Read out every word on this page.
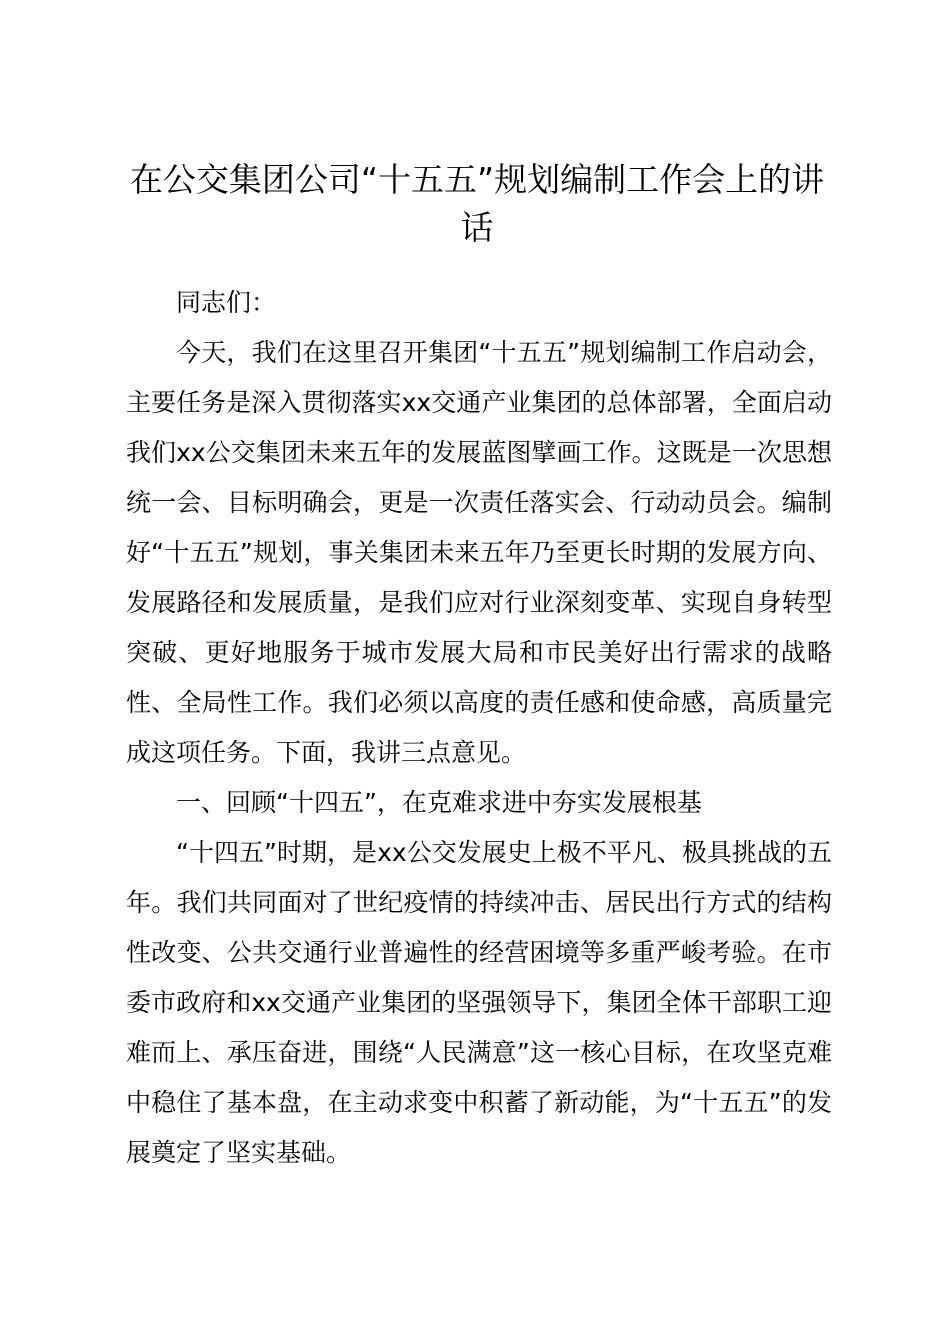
在公交集团公司“十五五”规划编制工作会上的讲话
同志们：
今天，我们在这里召开集团“十五五”规划编制工作启动会，主要任务是深入贯彻落实xx交通产业集团的总体部署，全面启动我们xx公交集团未来五年的发展蓝图擘画工作。这既是一次思想统一会、目标明确会，更是一次责任落实会、行动动员会。编制好“十五五”规划，事关集团未来五年乃至更长时期的发展方向、发展路径和发展质量，是我们应对行业深刻变革、实现自身转型突破、更好地服务于城市发展大局和市民美好出行需求的战略性、全局性工作。我们必须以高度的责任感和使命感，高质量完成这项任务。下面，我讲三点意见。
一、回顾“十四五”，在克难求进中夯实发展根基
“十四五”时期，是xx公交发展史上极不平凡、极具挑战的五年。我们共同面对了世纪疫情的持续冲击、居民出行方式的结构性改变、公共交通行业普遍性的经营困境等多重严峻考验。在市委市政府和xx交通产业集团的坚强领导下，集团全体干部职工迎难而上、承压奋进，围绕“人民满意”这一核心目标，在攻坚克难中稳住了基本盘，在主动求变中积蓄了新动能，为“十五五”的发展奠定了坚实基础。
